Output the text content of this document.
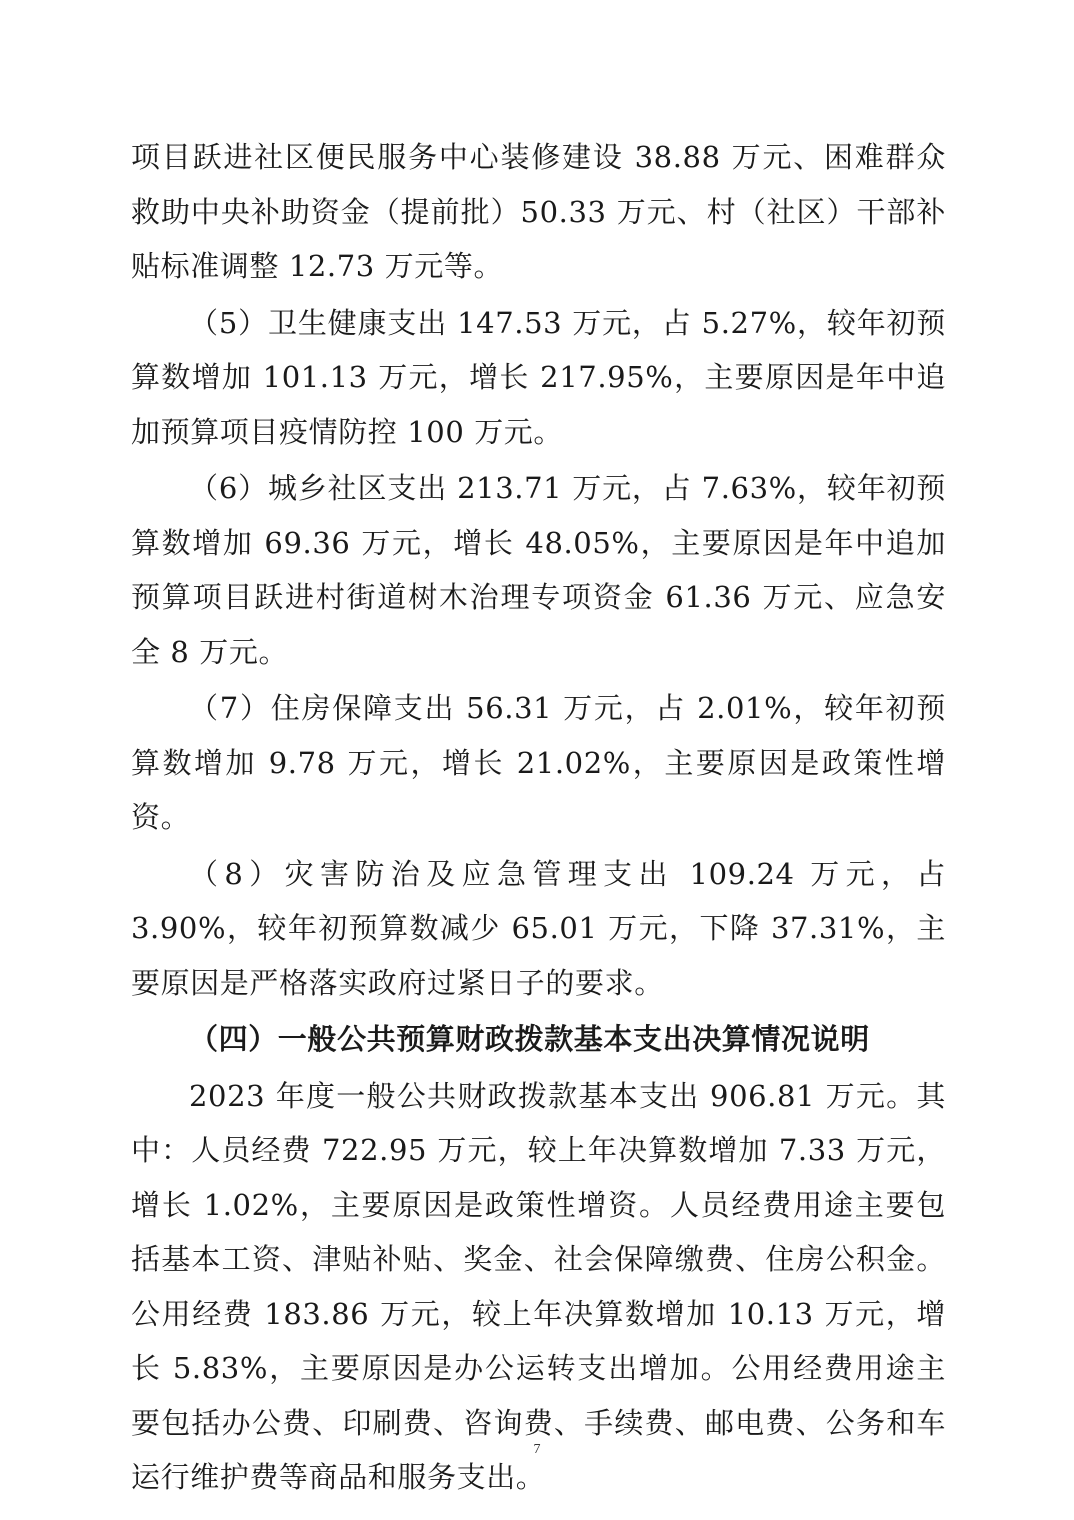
项目跃进社区便民服务中心装修建设 38.88 万元、困难群众救助中央补助资金（提前批）50.33 万元、村（社区）干部补贴标准调整 12.73 万元等。

（5）卫生健康支出 147.53 万元，占 5.27%，较年初预算数增加 101.13 万元，增长 217.95%，主要原因是年中追加预算项目疫情防控 100 万元。

（6）城乡社区支出 213.71 万元，占 7.63%，较年初预算数增加 69.36 万元，增长 48.05%，主要原因是年中追加预算项目跃进村街道树木治理专项资金 61.36 万元、应急安全 8 万元。

（7）住房保障支出 56.31 万元，占 2.01%，较年初预算数增加 9.78 万元，增长 21.02%，主要原因是政策性增资。

（8）灾害防治及应急管理支出 109.24 万元，占 3.90%，较年初预算数减少 65.01 万元，下降 37.31%，主要原因是严格落实政府过紧日子的要求。

（四）一般公共预算财政拨款基本支出决算情况说明

2023 年度一般公共财政拨款基本支出 906.81 万元。其中：人员经费 722.95 万元，较上年决算数增加 7.33 万元，增长 1.02%，主要原因是政策性增资。人员经费用途主要包括基本工资、津贴补贴、奖金、社会保障缴费、住房公积金。公用经费 183.86 万元，较上年决算数增加 10.13 万元，增长 5.83%，主要原因是办公运转支出增加。公用经费用途主要包括办公费、印刷费、咨询费、手续费、邮电费、公务和车运行维护费等商品和服务支出。

7
